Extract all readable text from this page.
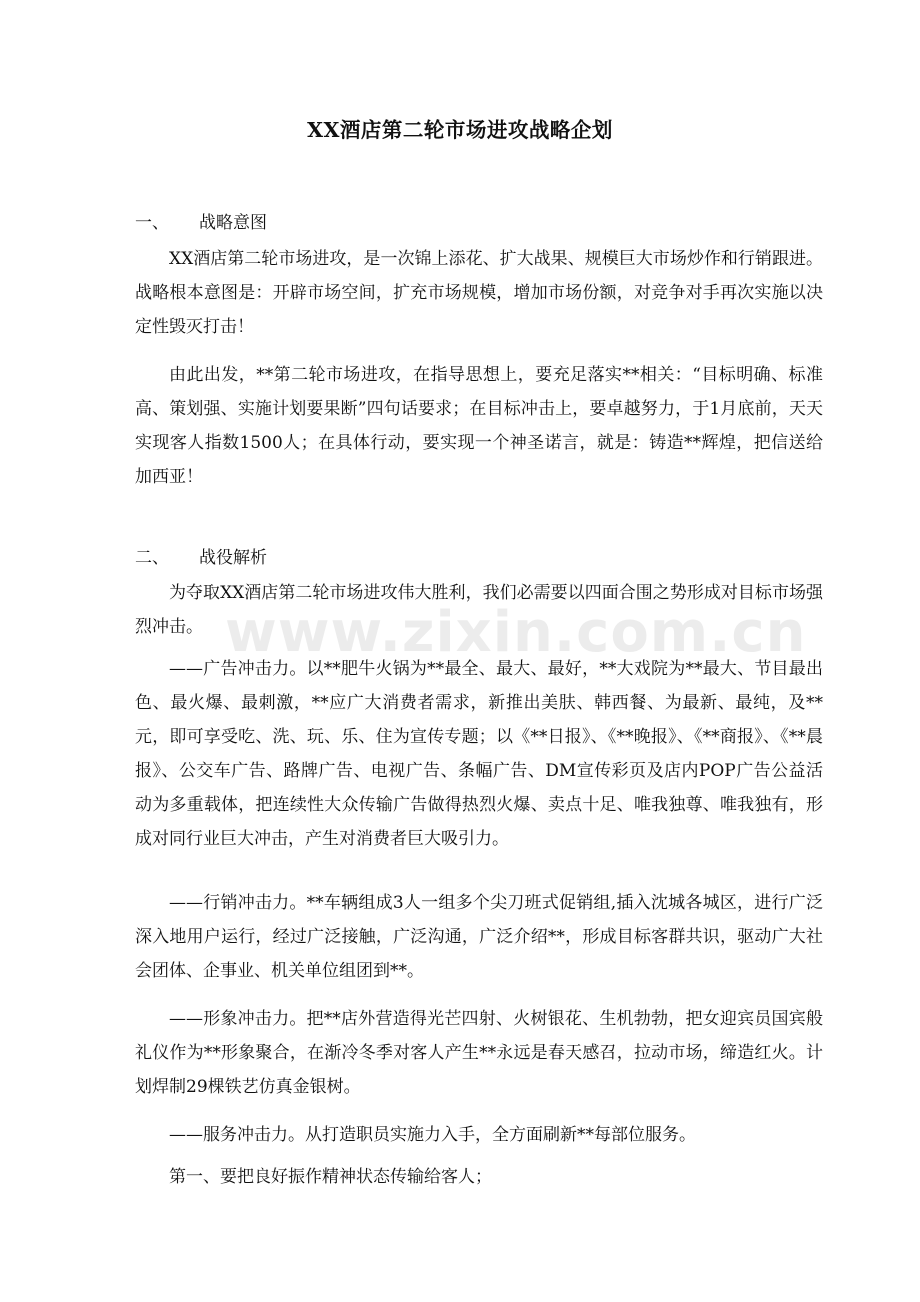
XX酒店第二轮市场进攻战略企划
一、 战略意图

XX酒店第二轮市场进攻，是一次锦上添花、扩大战果、规模巨大市场炒作和行销跟进。战略根本意图是：开辟市场空间，扩充市场规模，增加市场份额，对竞争对手再次实施以决定性毁灭打击！

由此出发，**第二轮市场进攻，在指导思想上，要充足落实**相关：“目标明确、标准高、策划强、实施计划要果断”四句话要求；在目标冲击上，要卓越努力，于1月底前，天天实现客人指数1500人；在具体行动，要实现一个神圣诺言，就是：铸造**辉煌，把信送给加西亚！

二、 战役解析

为夺取XX酒店第二轮市场进攻伟大胜利，我们必需要以四面合围之势形成对目标市场强烈冲击。

——广告冲击力。以**肥牛火锅为**最全、最大、最好，**大戏院为**最大、节目最出色、最火爆、最刺激，**应广大消费者需求，新推出美肤、韩西餐、为最新、最纯，及**元，即可享受吃、洗、玩、乐、住为宣传专题；以《**日报》、《**晚报》、《**商报》、《**晨报》、公交车广告、路牌广告、电视广告、条幅广告、DM宣传彩页及店内POP广告公益活动为多重载体，把连续性大众传输广告做得热烈火爆、卖点十足、唯我独尊、唯我独有，形成对同行业巨大冲击，产生对消费者巨大吸引力。

——行销冲击力。**车辆组成3人一组多个尖刀班式促销组,插入沈城各城区，进行广泛深入地用户运行，经过广泛接触，广泛沟通，广泛介绍**，形成目标客群共识，驱动广大社会团体、企事业、机关单位组团到**。

——形象冲击力。把**店外营造得光芒四射、火树银花、生机勃勃，把女迎宾员国宾般礼仪作为**形象聚合，在渐冷冬季对客人产生**永远是春天感召，拉动市场，缔造红火。计划焊制29棵铁艺仿真金银树。

——服务冲击力。从打造职员实施力入手，全方面刷新**每部位服务。

第一、要把良好振作精神状态传输给客人；

www.zixin.com.cn
